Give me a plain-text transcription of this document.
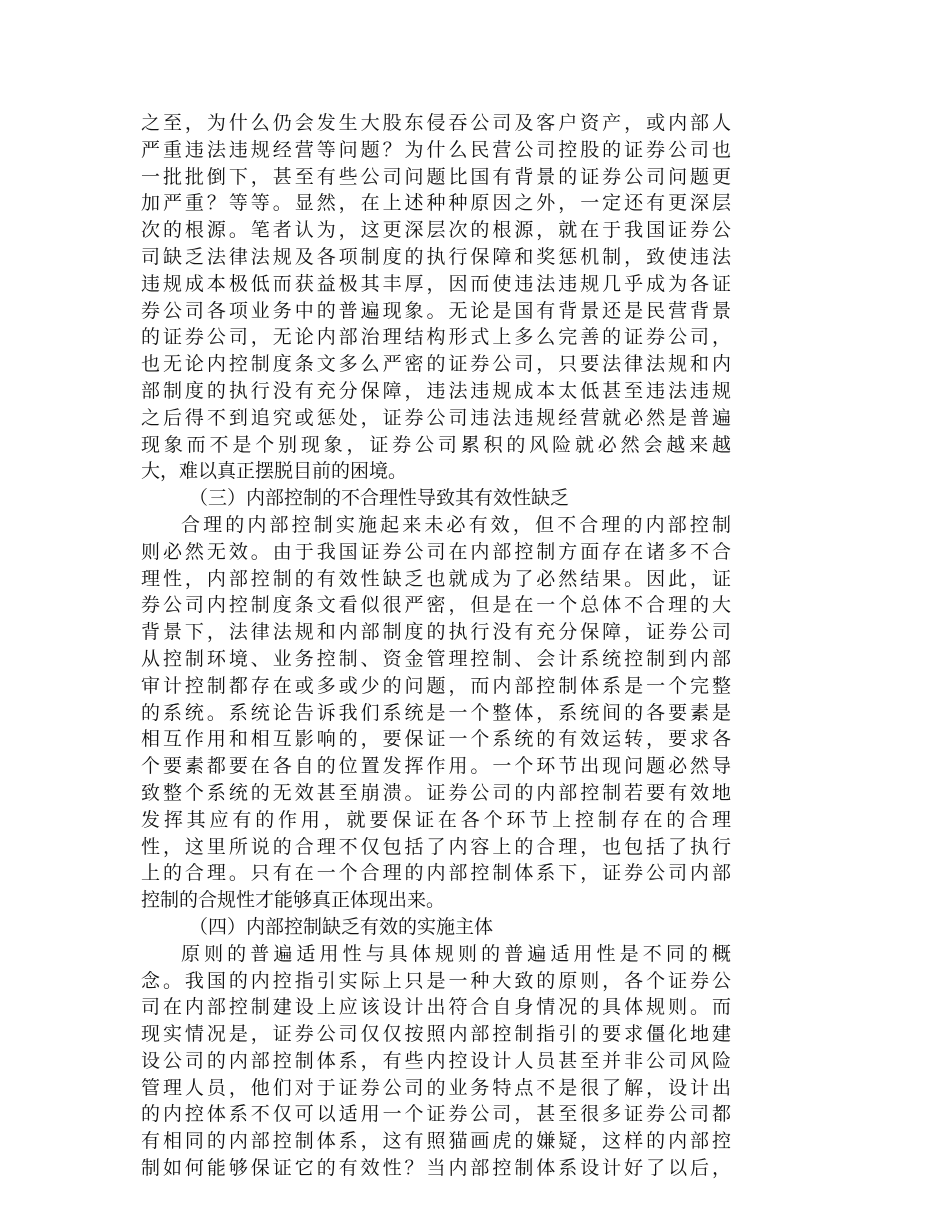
之至，为什么仍会发生大股东侵吞公司及客户资产，或内部人
严重违法违规经营等问题？为什么民营公司控股的证券公司也
一批批倒下，甚至有些公司问题比国有背景的证券公司问题更
加严重？等等。显然，在上述种种原因之外，一定还有更深层
次的根源。笔者认为，这更深层次的根源，就在于我国证券公
司缺乏法律法规及各项制度的执行保障和奖惩机制，致使违法
违规成本极低而获益极其丰厚，因而使违法违规几乎成为各证
券公司各项业务中的普遍现象。无论是国有背景还是民营背景
的证券公司，无论内部治理结构形式上多么完善的证券公司，
也无论内控制度条文多么严密的证券公司，只要法律法规和内
部制度的执行没有充分保障，违法违规成本太低甚至违法违规
之后得不到追究或惩处，证券公司违法违规经营就必然是普遍
现象而不是个别现象，证券公司累积的风险就必然会越来越
大，难以真正摆脱目前的困境。
（三）内部控制的不合理性导致其有效性缺乏
合理的内部控制实施起来未必有效，但不合理的内部控制
则必然无效。由于我国证券公司在内部控制方面存在诸多不合
理性，内部控制的有效性缺乏也就成为了必然结果。因此，证
券公司内控制度条文看似很严密，但是在一个总体不合理的大
背景下，法律法规和内部制度的执行没有充分保障，证券公司
从控制环境、业务控制、资金管理控制、会计系统控制到内部
审计控制都存在或多或少的问题，而内部控制体系是一个完整
的系统。系统论告诉我们系统是一个整体，系统间的各要素是
相互作用和相互影响的，要保证一个系统的有效运转，要求各
个要素都要在各自的位置发挥作用。一个环节出现问题必然导
致整个系统的无效甚至崩溃。证券公司的内部控制若要有效地
发挥其应有的作用，就要保证在各个环节上控制存在的合理
性，这里所说的合理不仅包括了内容上的合理，也包括了执行
上的合理。只有在一个合理的内部控制体系下，证券公司内部
控制的合规性才能够真正体现出来。
（四）内部控制缺乏有效的实施主体
原则的普遍适用性与具体规则的普遍适用性是不同的概
念。我国的内控指引实际上只是一种大致的原则，各个证券公
司在内部控制建设上应该设计出符合自身情况的具体规则。而
现实情况是，证券公司仅仅按照内部控制指引的要求僵化地建
设公司的内部控制体系，有些内控设计人员甚至并非公司风险
管理人员，他们对于证券公司的业务特点不是很了解，设计出
的内控体系不仅可以适用一个证券公司，甚至很多证券公司都
有相同的内部控制体系，这有照猫画虎的嫌疑，这样的内部控
制如何能够保证它的有效性？当内部控制体系设计好了以后，
